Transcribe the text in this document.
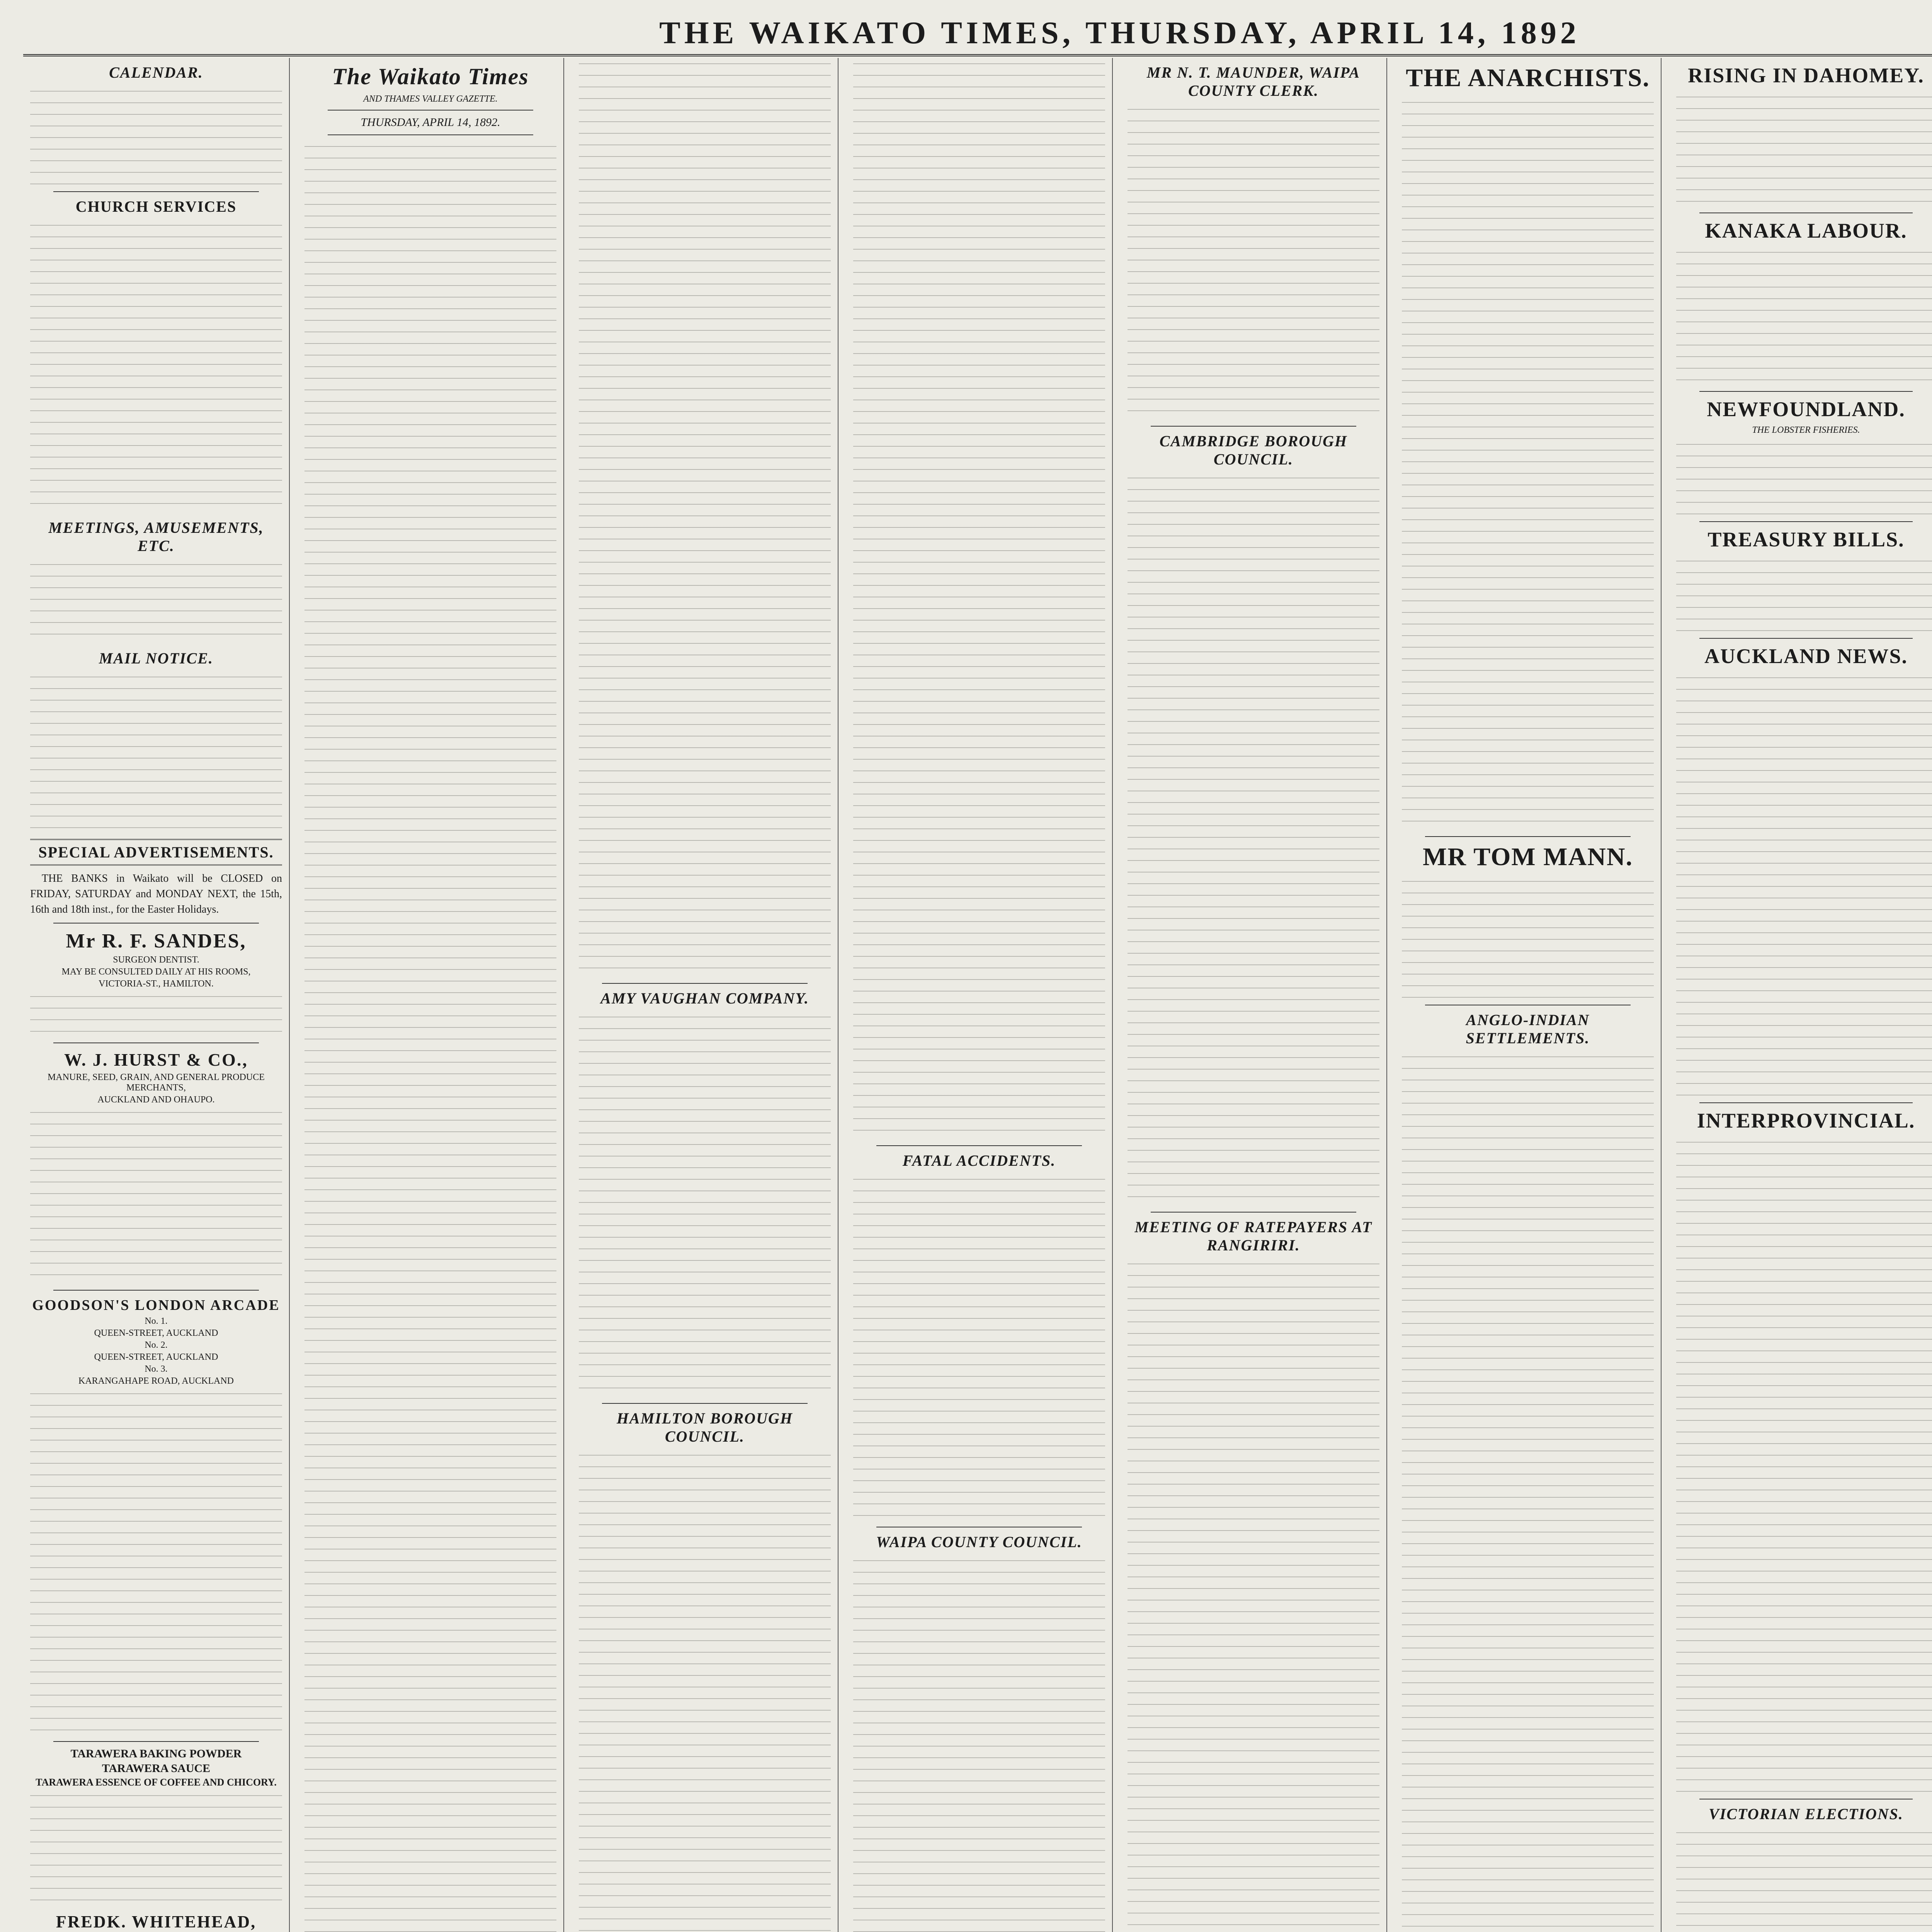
THE WAIKATO TIMES, THURSDAY, APRIL 14, 1892
CALENDAR.
CHURCH SERVICES
MEETINGS, AMUSEMENTS, ETC.
MAIL NOTICE.
SPECIAL ADVERTISEMENTS.

THE BANKS in Waikato will be CLOSED on FRIDAY, SATURDAY and MONDAY NEXT, the 15th, 16th and 18th inst., for the Easter Holidays.

Mr R. F. SANDES,
SURGEON DENTIST.
MAY BE CONSULTED DAILY AT HIS ROOMS,
VICTORIA-ST., HAMILTON.
W. J. HURST & CO.,
MANURE, SEED, GRAIN, AND GENERAL PRODUCE MERCHANTS,
AUCKLAND AND OHAUPO.
GOODSON'S LONDON ARCADE
No. 1.
QUEEN-STREET, AUCKLAND
No. 2.
QUEEN-STREET, AUCKLAND
No. 3.
KARANGAHAPE ROAD, AUCKLAND
TARAWERA BAKING POWDER
TARAWERA SAUCE
TARAWERA ESSENCE OF COFFEE AND CHICORY.
FREDK. WHITEHEAD,
The Waikato Times
AND THAMES VALLEY GAZETTE.
THURSDAY, APRIL 14, 1892.
AMY VAUGHAN COMPANY.
HAMILTON BOROUGH COUNCIL.
FATAL ACCIDENTS.
WAIPA COUNTY COUNCIL.
MR N. T. MAUNDER, WAIPA COUNTY CLERK.
CAMBRIDGE BOROUGH COUNCIL.
MEETING OF RATEPAYERS AT RANGIRIRI.
THE ANARCHISTS.
MR TOM MANN.
ANGLO-INDIAN SETTLEMENTS.
RISING IN DAHOMEY.
KANAKA LABOUR.
NEWFOUNDLAND.
THE LOBSTER FISHERIES.
TREASURY BILLS.
AUCKLAND NEWS.
INTERPROVINCIAL.
VICTORIAN ELECTIONS.
